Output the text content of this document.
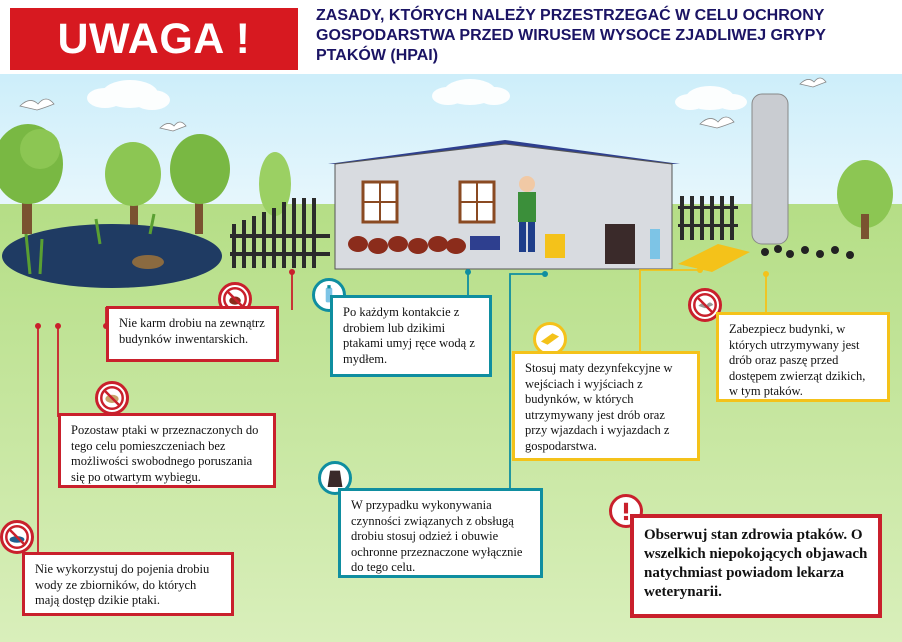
UWAGA !	ZASADY, KTÓRYCH NALEŻY PRZESTRZEGAĆ W CELU OCHRONY GOSPODARSTWA PRZED WIRUSEM WYSOCE ZJADLIWEJ GRYPY PTAKÓW (HPAI)
Nie karm drobiu na zewnątrz budynków inwentarskich.
Po każdym kontakcie z drobiem lub dzikimi ptakami umyj ręce wodą z mydłem.
Pozostaw ptaki w przeznaczonych do tego celu pomieszczeniach bez możliwości swobodnego poruszania się po otwartym wybiegu.
Stosuj maty dezynfekcyjne w wejściach i wyjściach z budynków, w których utrzymywany jest drób oraz przy wjazdach i wyjazdach z gospodarstwa.
Zabezpiecz budynki, w których utrzymywany jest drób oraz paszę przed dostępem zwierząt dzikich, w tym ptaków.
W przypadku wykonywania czynności związanych z obsługą drobiu stosuj odzież i obuwie ochronne przeznaczone wyłącznie do tego celu.
Nie wykorzystuj do pojenia drobiu wody ze zbiorników, do których mają dostęp dzikie ptaki.
Obserwuj stan zdrowia ptaków. O wszelkich niepokojących objawach natychmiast powiadom lekarza weterynarii.
